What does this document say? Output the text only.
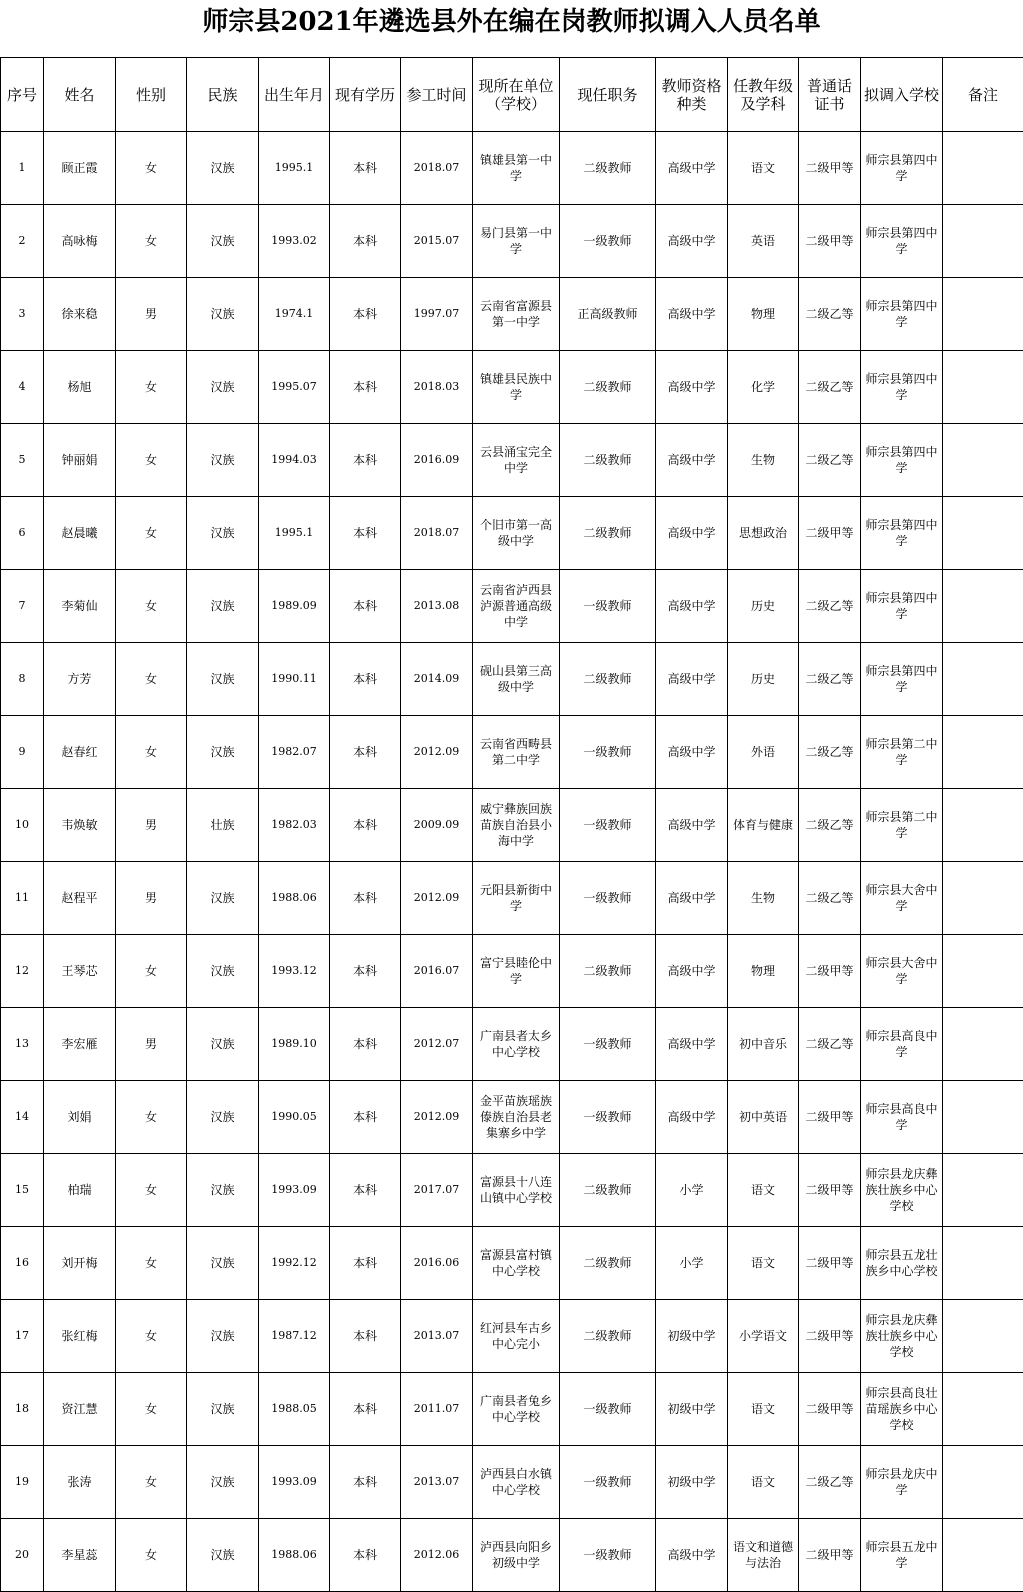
师宗县2021年遴选县外在编在岗教师拟调入人员名单
序号	姓名	性别	民族	出生年月	现有学历	参工时间	现所在单位（学校）	现任职务	教师资格种类	任教年级及学科	普通话证书	拟调入学校	备注
1	顾正霞	女	汉族	1995.1	本科	2018.07	镇雄县第一中学	二级教师	高级中学	语文	二级甲等	师宗县第四中学	
2	高咏梅	女	汉族	1993.02	本科	2015.07	易门县第一中学	一级教师	高级中学	英语	二级甲等	师宗县第四中学	
3	徐来稳	男	汉族	1974.1	本科	1997.07	云南省富源县第一中学	正高级教师	高级中学	物理	二级乙等	师宗县第四中学	
4	杨旭	女	汉族	1995.07	本科	2018.03	镇雄县民族中学	二级教师	高级中学	化学	二级乙等	师宗县第四中学	
5	钟丽娟	女	汉族	1994.03	本科	2016.09	云县涌宝完全中学	二级教师	高级中学	生物	二级乙等	师宗县第四中学	
6	赵晨曦	女	汉族	1995.1	本科	2018.07	个旧市第一高级中学	二级教师	高级中学	思想政治	二级甲等	师宗县第四中学	
7	李菊仙	女	汉族	1989.09	本科	2013.08	云南省泸西县泸源普通高级中学	一级教师	高级中学	历史	二级乙等	师宗县第四中学	
8	方芳	女	汉族	1990.11	本科	2014.09	砚山县第三高级中学	二级教师	高级中学	历史	二级乙等	师宗县第四中学	
9	赵春红	女	汉族	1982.07	本科	2012.09	云南省西畴县第二中学	一级教师	高级中学	外语	二级乙等	师宗县第二中学	
10	韦焕敏	男	壮族	1982.03	本科	2009.09	威宁彝族回族苗族自治县小海中学	一级教师	高级中学	体育与健康	二级乙等	师宗县第二中学	
11	赵程平	男	汉族	1988.06	本科	2012.09	元阳县新街中学	一级教师	高级中学	生物	二级乙等	师宗县大舍中学	
12	王琴芯	女	汉族	1993.12	本科	2016.07	富宁县睦伦中学	二级教师	高级中学	物理	二级甲等	师宗县大舍中学	
13	李宏雁	男	汉族	1989.10	本科	2012.07	广南县者太乡中心学校	一级教师	高级中学	初中音乐	二级乙等	师宗县高良中学	
14	刘娟	女	汉族	1990.05	本科	2012.09	金平苗族瑶族傣族自治县老集寨乡中学	一级教师	高级中学	初中英语	二级甲等	师宗县高良中学	
15	柏瑞	女	汉族	1993.09	本科	2017.07	富源县十八连山镇中心学校	二级教师	小学	语文	二级甲等	师宗县龙庆彝族壮族乡中心学校	
16	刘开梅	女	汉族	1992.12	本科	2016.06	富源县富村镇中心学校	二级教师	小学	语文	二级甲等	师宗县五龙壮族乡中心学校	
17	张红梅	女	汉族	1987.12	本科	2013.07	红河县车古乡中心完小	二级教师	初级中学	小学语文	二级甲等	师宗县龙庆彝族壮族乡中心学校	
18	资江慧	女	汉族	1988.05	本科	2011.07	广南县者兔乡中心学校	一级教师	初级中学	语文	二级甲等	师宗县高良壮苗瑶族乡中心学校	
19	张涛	女	汉族	1993.09	本科	2013.07	泸西县白水镇中心学校	一级教师	初级中学	语文	二级乙等	师宗县龙庆中学	
20	李星蕊	女	汉族	1988.06	本科	2012.06	泸西县向阳乡初级中学	一级教师	高级中学	语文和道德与法治	二级甲等	师宗县五龙中学	
